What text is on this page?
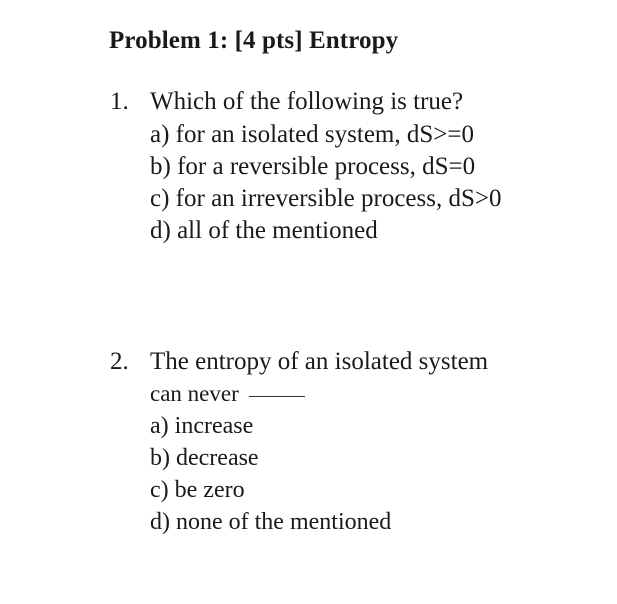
Problem 1: [4 pts] Entropy
1. Which of the following is true?
a) for an isolated system, dS>=0
b) for a reversible process, dS=0
c) for an irreversible process, dS>0
d) all of the mentioned
2. The entropy of an isolated system
can never
a) increase
b) decrease
c) be zero
d) none of the mentioned
